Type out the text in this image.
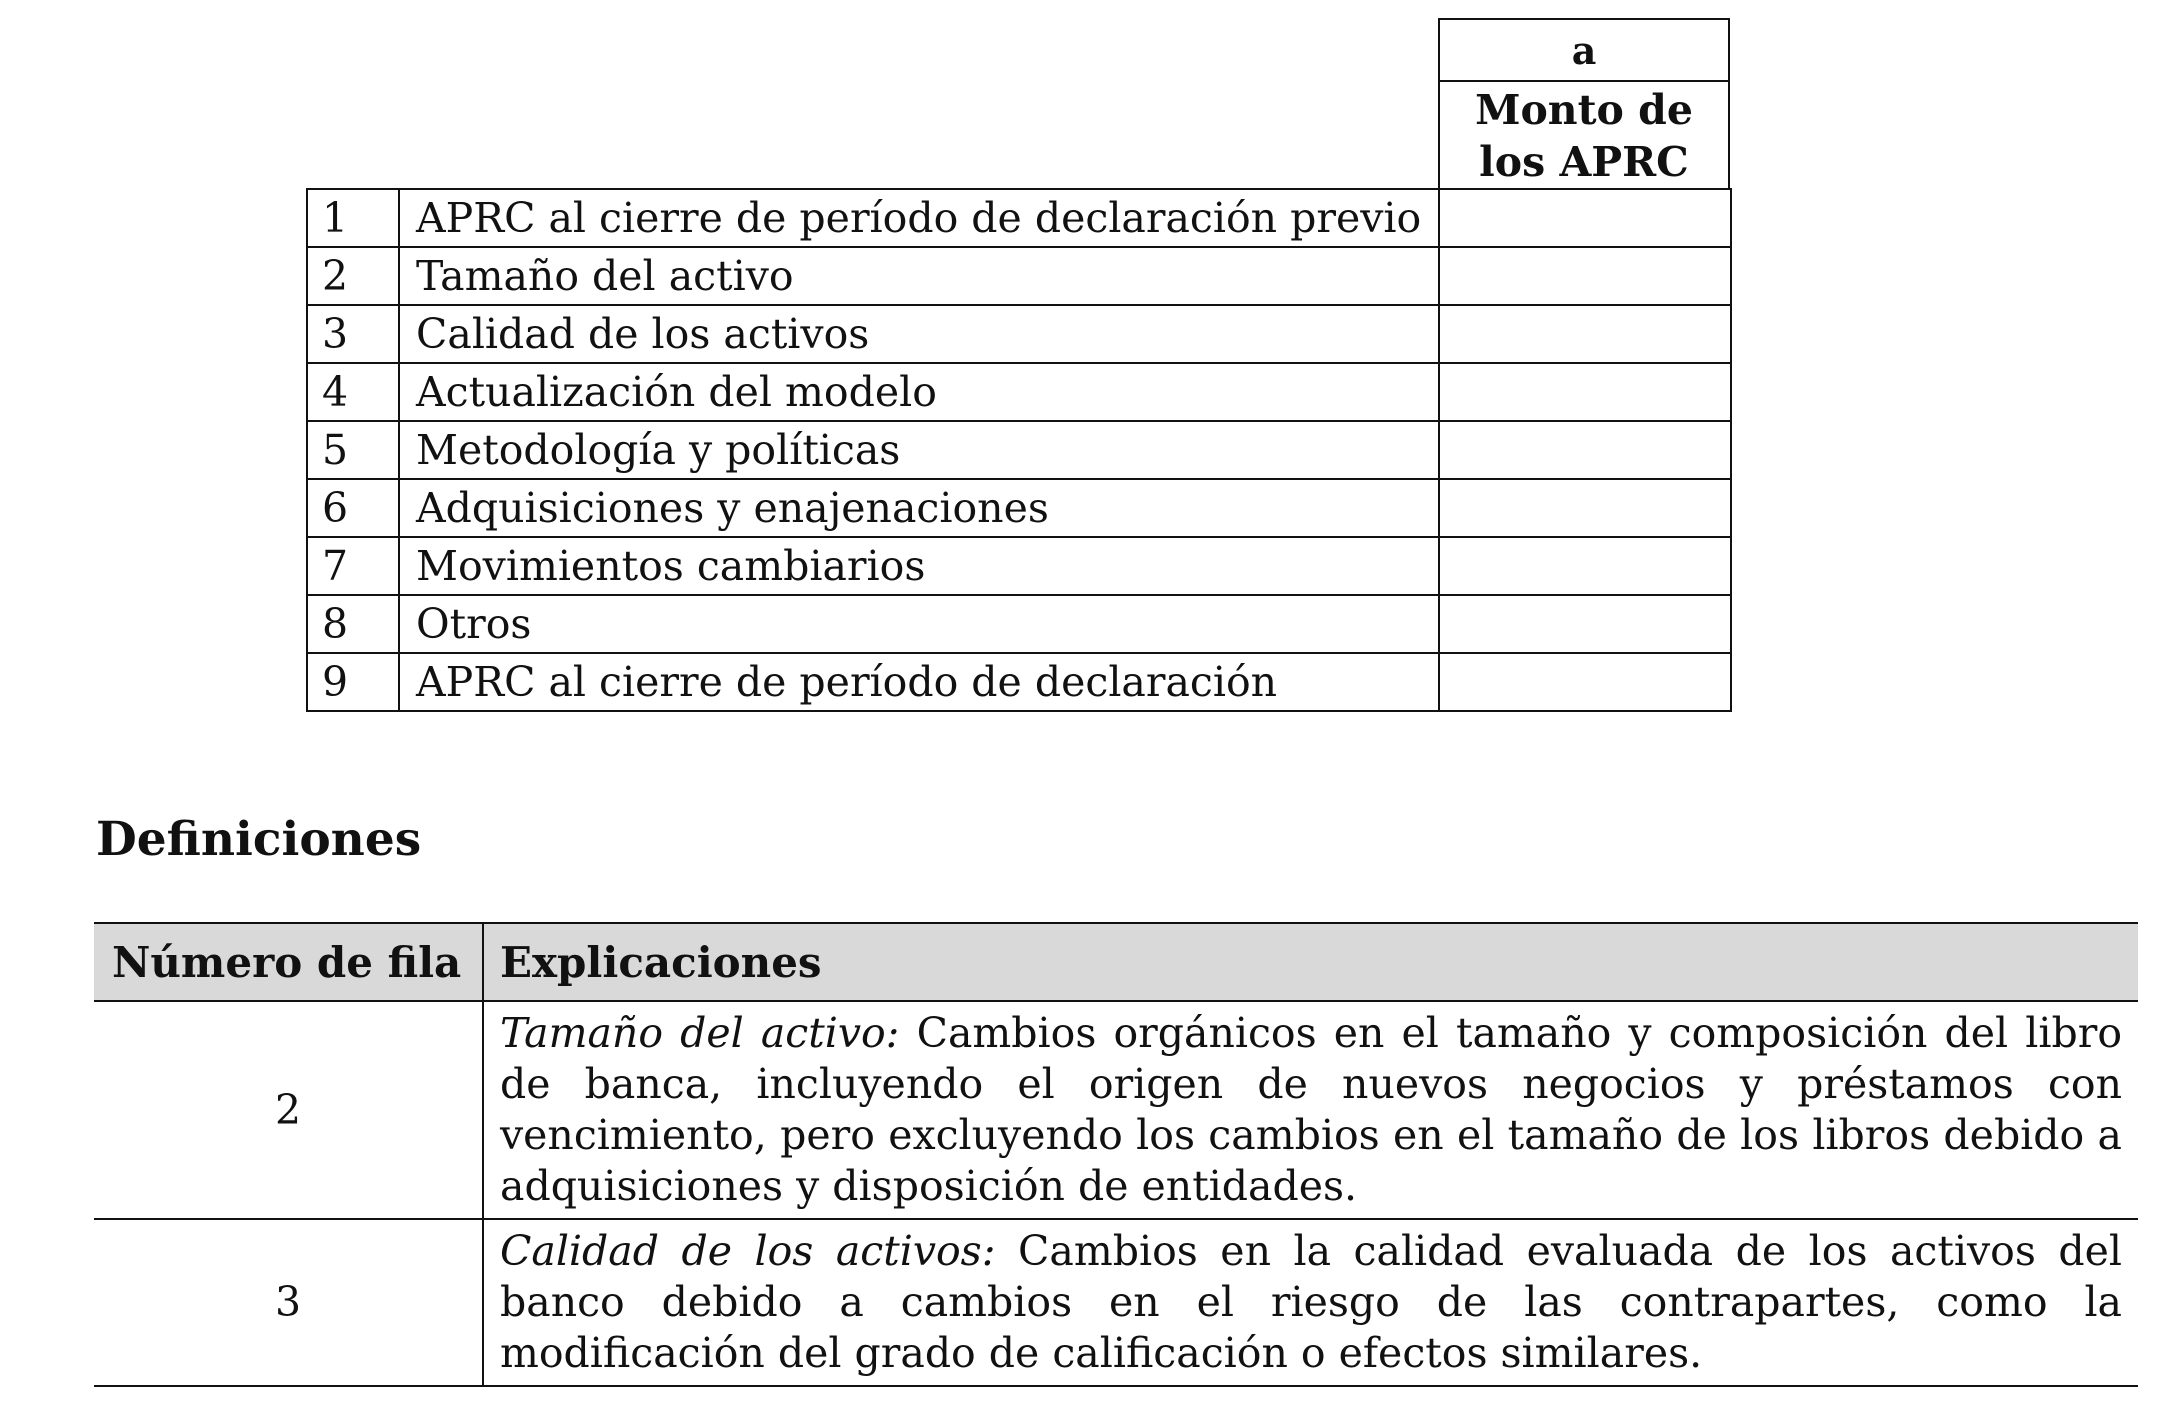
a
Monto de
los APRC
1	APRC al cierre de período de declaración previo	
2	Tamaño del activo	
3	Calidad de los activos	
4	Actualización del modelo	
5	Metodología y políticas	
6	Adquisiciones y enajenaciones	
7	Movimientos cambiarios	
8	Otros	
9	APRC al cierre de período de declaración	
Definiciones
Número de fila	Explicaciones
2	Tamaño del activo: Cambios orgánicos en el tamaño y composición del libro de banca, incluyendo el origen de nuevos negocios y préstamos con vencimiento, pero excluyendo los cambios en el tamaño de los libros debido a adquisiciones y disposición de entidades.
3	Calidad de los activos: Cambios en la calidad evaluada de los activos del banco debido a cambios en el riesgo de las contrapartes, como la modificación del grado de calificación o efectos similares.
